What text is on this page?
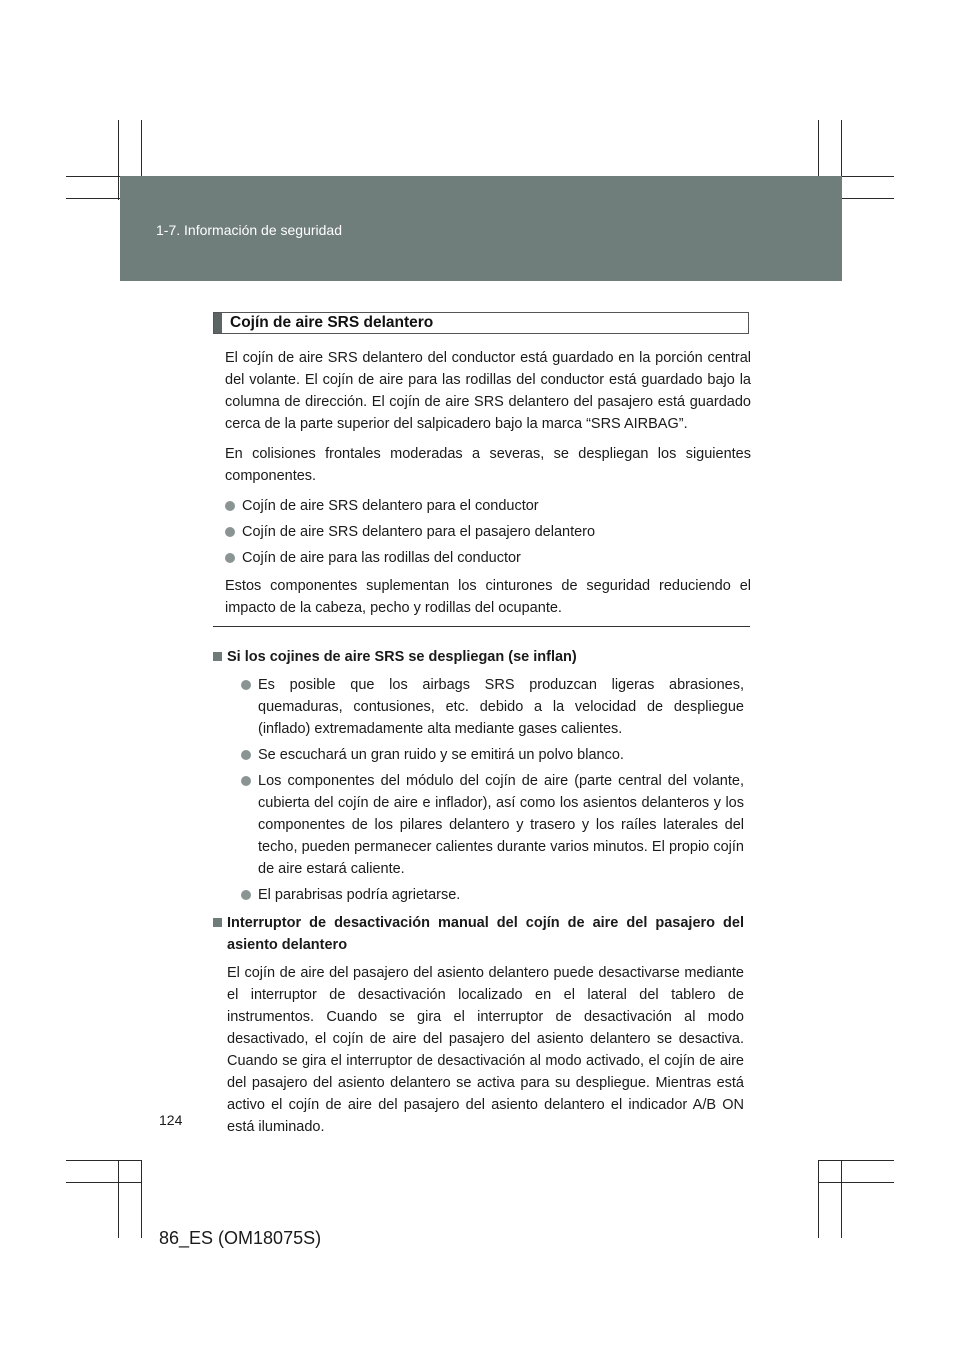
1-7. Información de seguridad
Cojín de aire SRS delantero

El cojín de aire SRS delantero del conductor está guardado en la porción central del volante. El cojín de aire para las rodillas del conductor está guardado bajo la columna de dirección. El cojín de aire SRS delantero del pasajero está guardado cerca de la parte superior del salpicadero bajo la marca “SRS AIRBAG”.

En colisiones frontales moderadas a severas, se despliegan los siguientes componentes.

Cojín de aire SRS delantero para el conductor
Cojín de aire SRS delantero para el pasajero delantero
Cojín de aire para las rodillas del conductor

Estos componentes suplementan los cinturones de seguridad reduciendo el impacto de la cabeza, pecho y rodillas del ocupante.

Si los cojines de aire SRS se despliegan (se inflan)
Es posible que los airbags SRS produzcan ligeras abrasiones, quemaduras, contusiones, etc. debido a la velocidad de despliegue (inflado) extremadamente alta mediante gases calientes.
Se escuchará un gran ruido y se emitirá un polvo blanco.
Los componentes del módulo del cojín de aire (parte central del volante, cubierta del cojín de aire e inflador), así como los asientos delanteros y los componentes de los pilares delantero y trasero y los raíles laterales del techo, pueden permanecer calientes durante varios minutos. El propio cojín de aire estará caliente.
El parabrisas podría agrietarse.
Interruptor de desactivación manual del cojín de aire del pasajero del asiento delantero

El cojín de aire del pasajero del asiento delantero puede desactivarse mediante el interruptor de desactivación localizado en el lateral del tablero de instrumentos. Cuando se gira el interruptor de desactivación al modo desactivado, el cojín de aire del pasajero del asiento delantero se desactiva. Cuando se gira el interruptor de desactivación al modo activado, el cojín de aire del pasajero del asiento delantero se activa para su despliegue. Mientras está activo el cojín de aire del pasajero del asiento delantero el indicador A/B ON está iluminado.

124
86_ES (OM18075S)
